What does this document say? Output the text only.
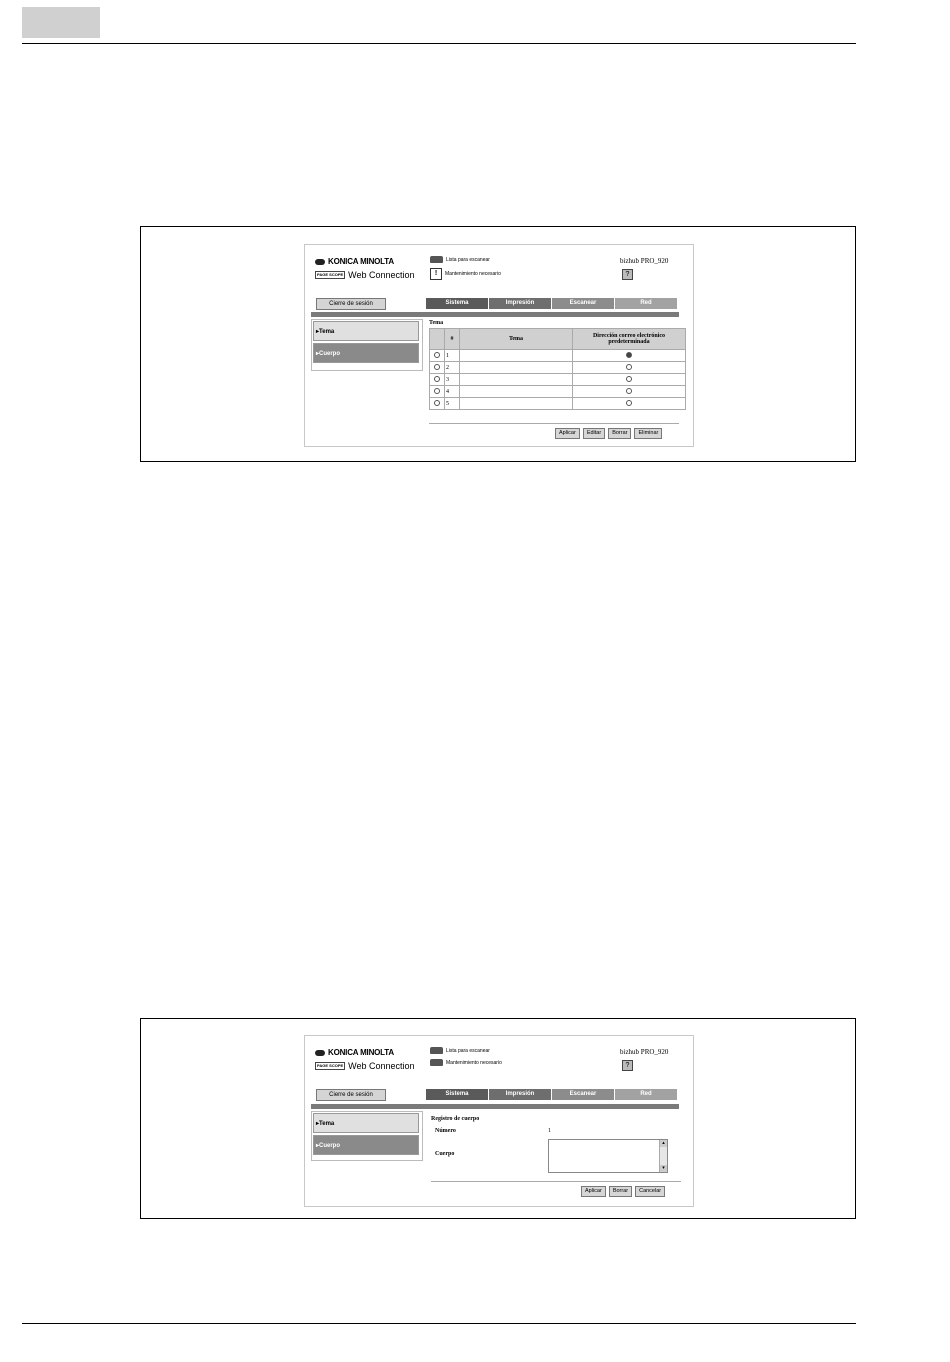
KONICA MINOLTA
PAGE SCOPE Web Connection
Lista para escanear
!	Mantenimiento necesario
bizhub PRO_920
?
Cierre de sesión	Sistema	Impresión	Escanear	Red
▸Tema
▸Cuerpo
Tema
	#	Tema	Dirección correo electrónico
predeterminada

	1		
	2		
	3		
	4		
	5		
Aplicar	Editar	Borrar	Eliminar
KONICA MINOLTA
PAGE SCOPE Web Connection
Lista para escanear
Mantenimiento necesario
bizhub PRO_920
?
Cierre de sesión	Sistema	Impresión	Escanear	Red
▸Tema
▸Cuerpo
Registro de cuerpo
Número	1
Cuerpo
▴
▾
Aplicar	Borrar	Cancelar
